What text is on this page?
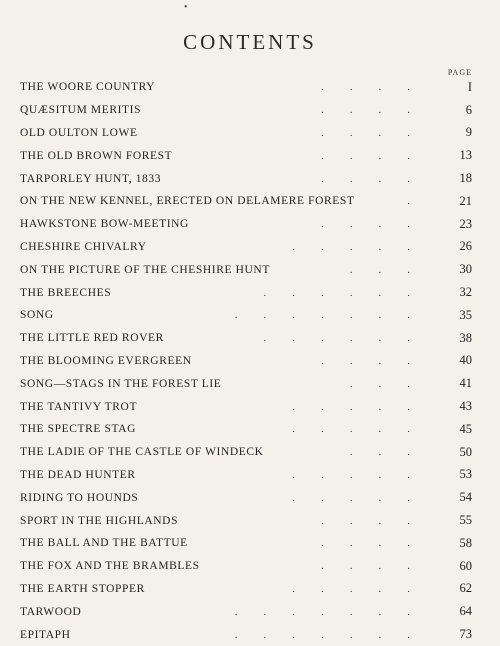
•
CONTENTS
PAGE
THE WOORE COUNTRY	....	I
QUÆSITUM MERITIS	....	6
OLD OULTON LOWE	....	9
THE OLD BROWN FOREST	....	13
TARPORLEY HUNT, 1833	....	18
ON THE NEW KENNEL, ERECTED ON DELAMERE FOREST	.	21
HAWKSTONE BOW-MEETING	....	23
CHESHIRE CHIVALRY	.....	26
ON THE PICTURE OF THE CHESHIRE HUNT	...	30
THE BREECHES	......	32
SONG	.......	35
THE LITTLE RED ROVER	......	38
THE BLOOMING EVERGREEN	....	40
SONG—STAGS IN THE FOREST LIE	...	41
THE TANTIVY TROT	.....	43
THE SPECTRE STAG	.....	45
THE LADIE OF THE CASTLE OF WINDECK	...	50
THE DEAD HUNTER	.....	53
RIDING TO HOUNDS	.....	54
SPORT IN THE HIGHLANDS	....	55
THE BALL AND THE BATTUE	....	58
THE FOX AND THE BRAMBLES	....	60
THE EARTH STOPPER	.....	62
TARWOOD	.......	64
EPITAPH	.......	73
